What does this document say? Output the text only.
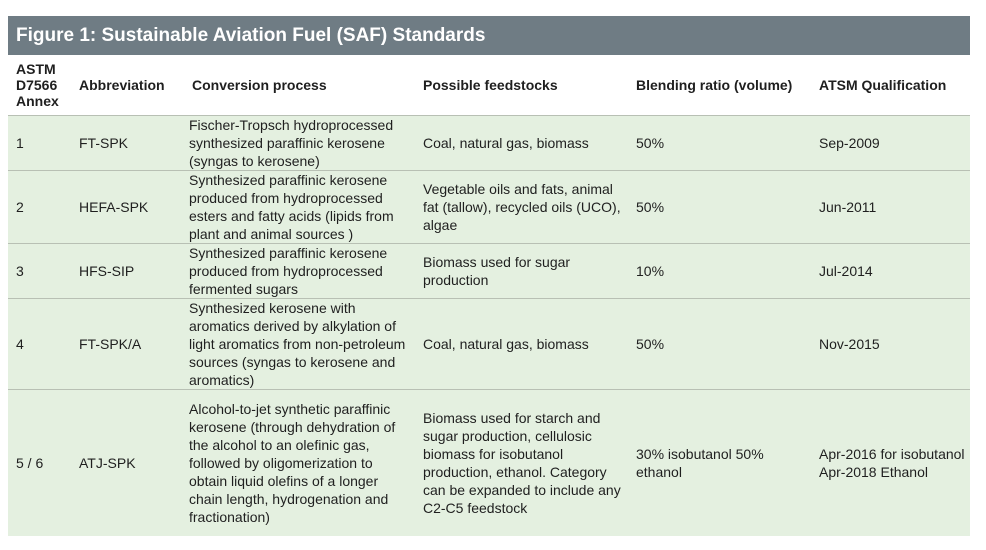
Figure 1: Sustainable Aviation Fuel (SAF) Standards
ASTM D7566 Annex	Abbreviation	Conversion process	Possible feedstocks	Blending ratio (volume)	ATSM Qualification
1	FT-SPK	Fischer-Tropsch hydroprocessed synthesized paraffinic kerosene (syngas to kerosene)	Coal, natural gas, biomass	50%	Sep-2009
2	HEFA-SPK	Synthesized paraffinic kerosene produced from hydroprocessed esters and fatty acids (lipids from plant and animal sources )	Vegetable oils and fats, animal fat (tallow), recycled oils (UCO), algae	50%	Jun-2011
3	HFS-SIP	Synthesized paraffinic kerosene produced from hydroprocessed fermented sugars	Biomass used for sugar production	10%	Jul-2014
4	FT-SPK/A	Synthesized kerosene with aromatics derived by alkylation of light aromatics from non-petroleum sources (syngas to kerosene and aromatics)	Coal, natural gas, biomass	50%	Nov-2015
5 / 6	ATJ-SPK	Alcohol-to-jet synthetic paraffinic kerosene (through dehydration of the alcohol to an olefinic gas, followed by oligomerization to obtain liquid olefins of a longer chain length, hydrogenation and fractionation)	Biomass used for starch and sugar production, cellulosic biomass for isobutanol production, ethanol. Category can be expanded to include any C2-C5 feedstock	30% isobutanol 50% ethanol	Apr-2016 for isobutanol Apr-2018 Ethanol
